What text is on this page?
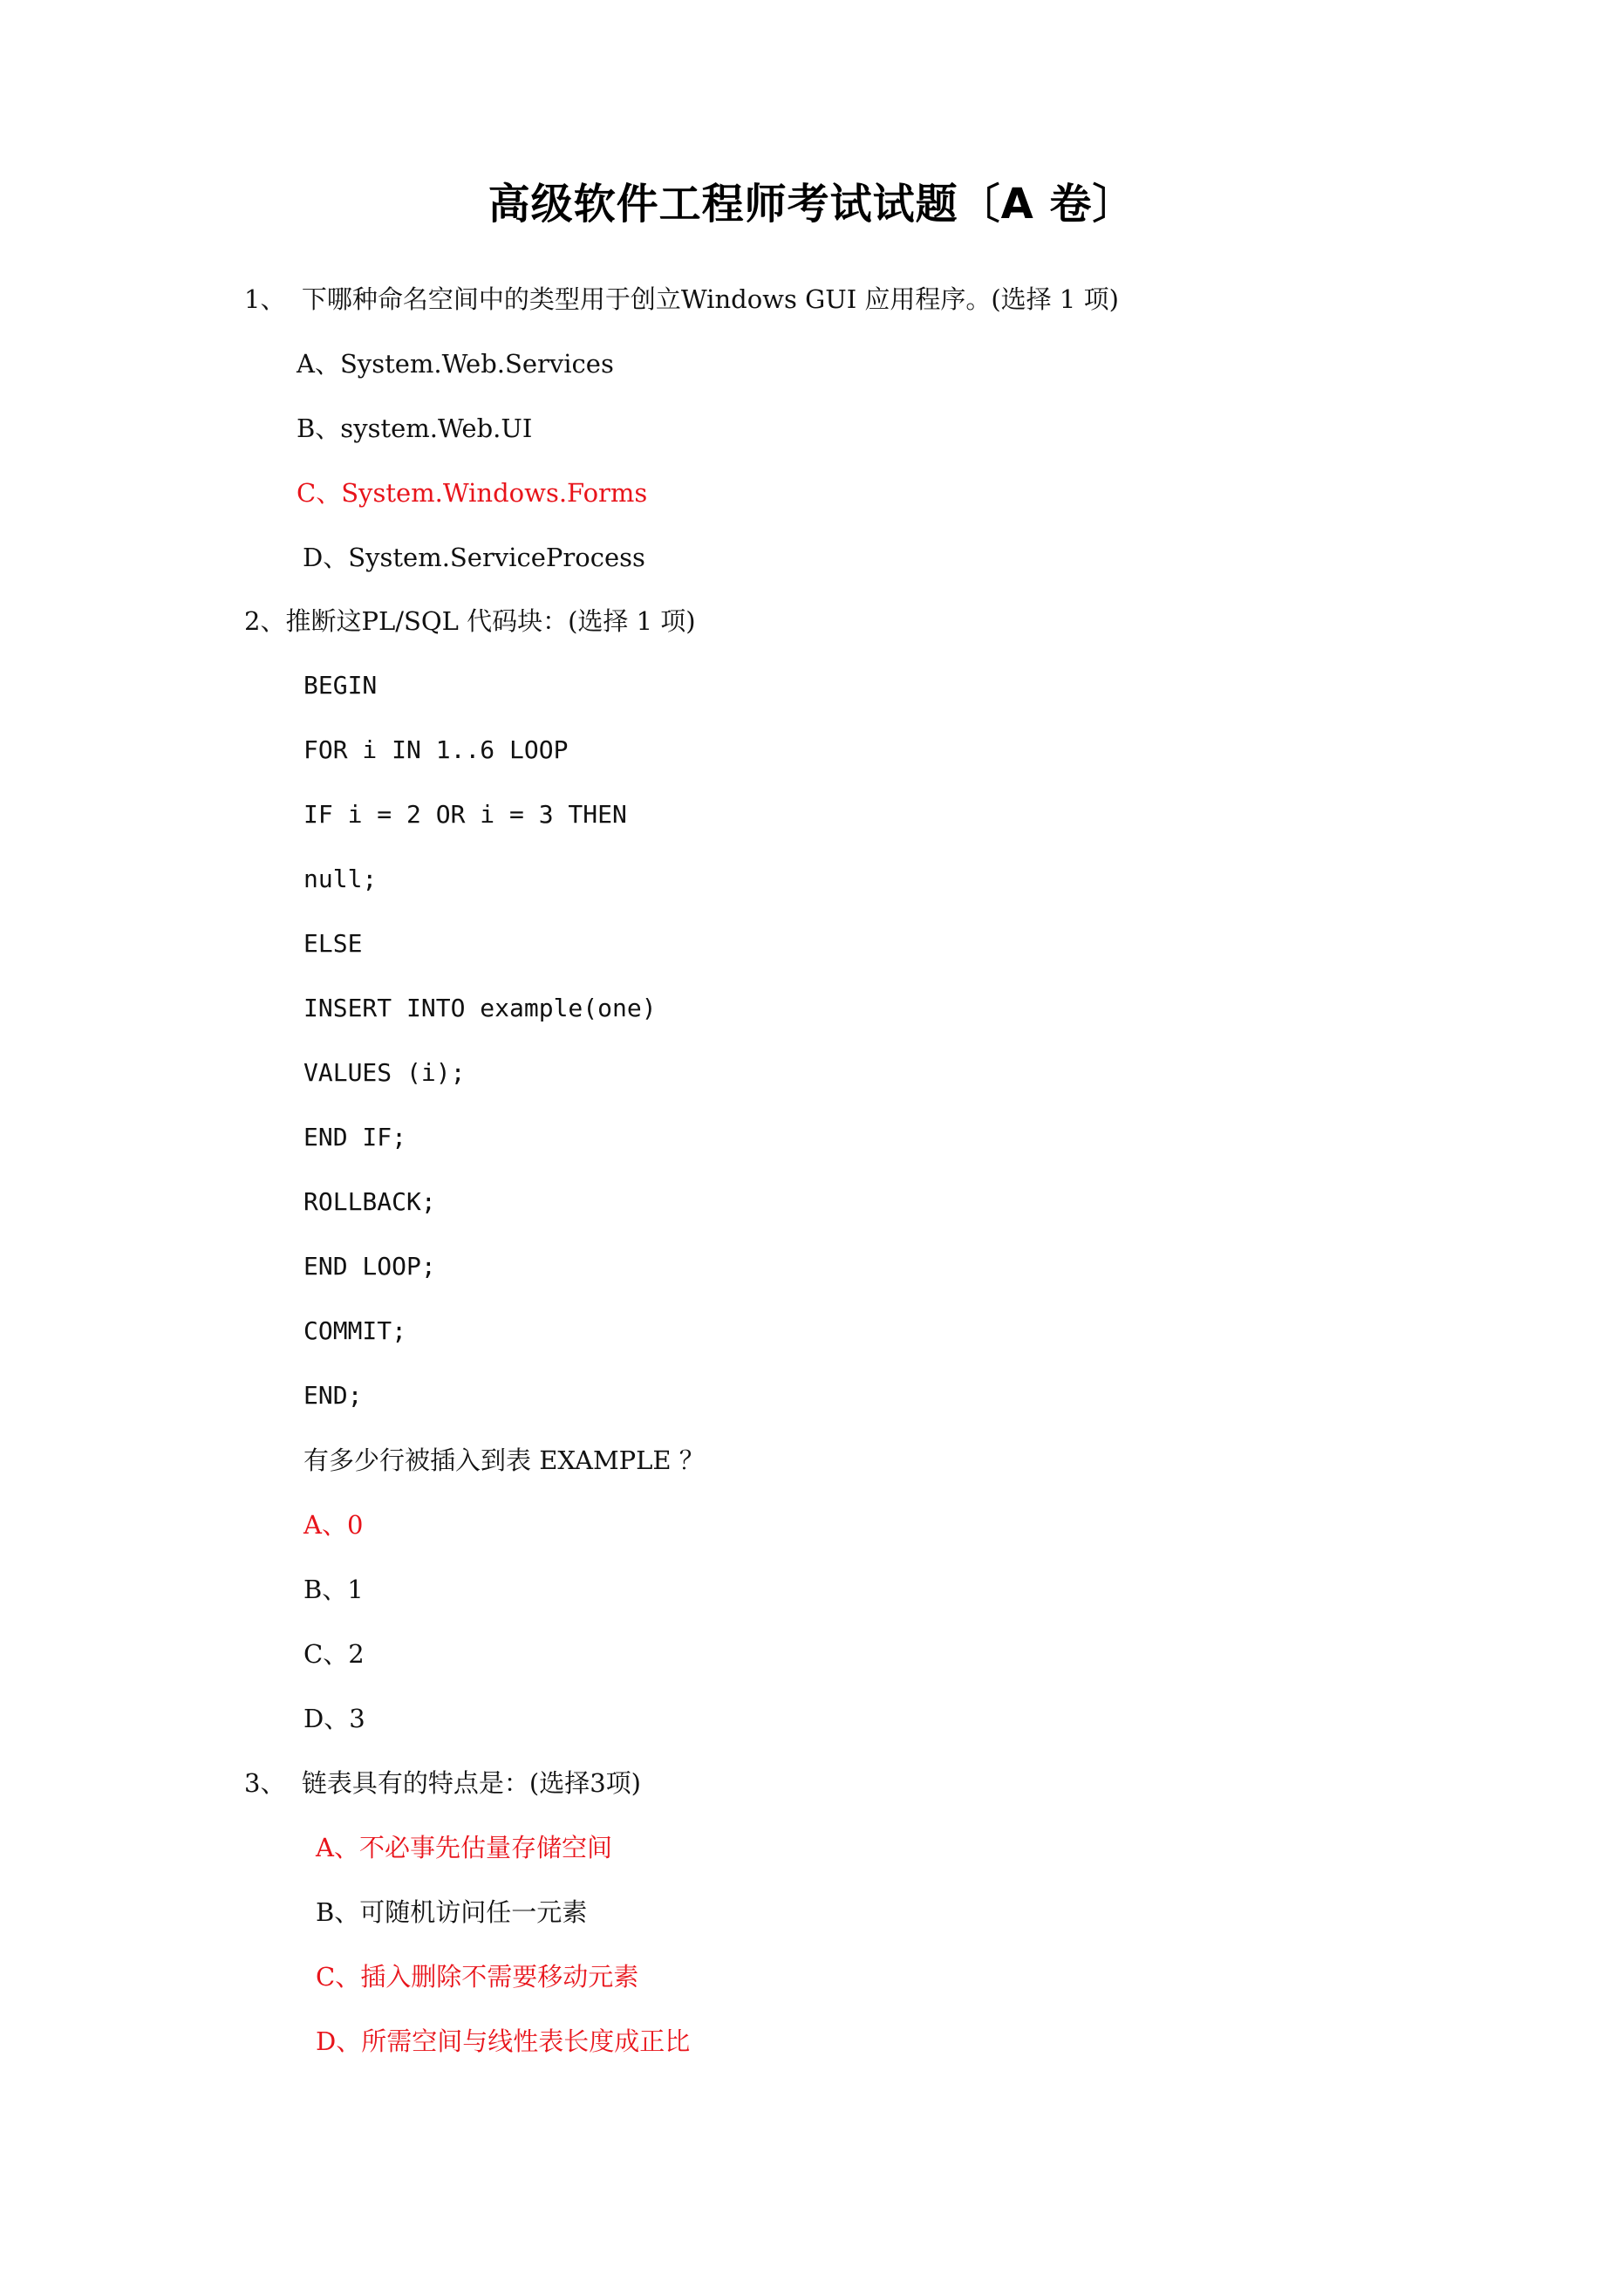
高级软件工程师考试试题〔A 卷〕
1、  下哪种命名空间中的类型用于创立Windows GUI 应用程序。(选择 1 项)
A、System.Web.Services
B、system.Web.UI
C、System.Windows.Forms
D、System.ServiceProcess
2、推断这PL/SQL 代码块：(选择 1 项)
BEGIN
FOR i IN 1..6 LOOP
IF i = 2 OR i = 3 THEN
null;
ELSE
INSERT INTO example(one)
VALUES (i);
END IF;
ROLLBACK;
END LOOP;
COMMIT;
END;
有多少行被插入到表 EXAMPLE ？
A、0
B、1
C、2
D、3
3、  链表具有的特点是：(选择3项)
A、不必事先估量存储空间
B、可随机访问任一元素
C、插入删除不需要移动元素
D、所需空间与线性表长度成正比
